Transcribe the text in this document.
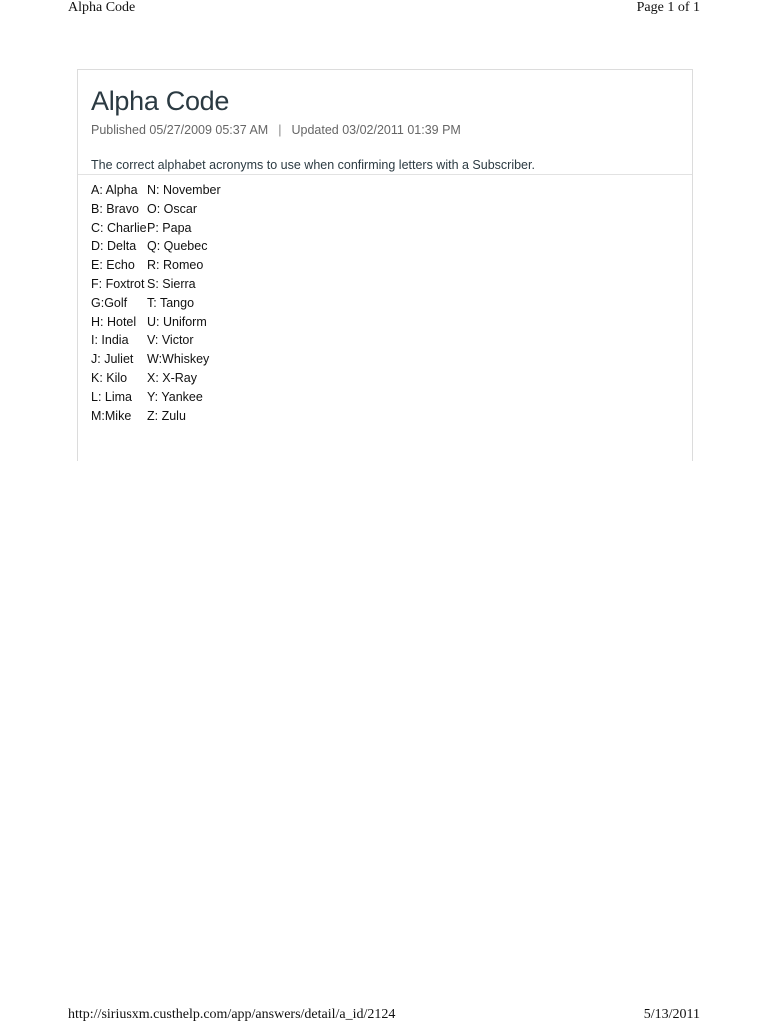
Alpha Code	Page 1 of 1
Alpha Code
Published 05/27/2009 05:37 AM | Updated 03/02/2011 01:39 PM
The correct alphabet acronyms to use when confirming letters with a Subscriber.
A: Alpha	N: November
B: Bravo	O: Oscar
C: Charlie	P: Papa
D: Delta	Q: Quebec
E: Echo	R: Romeo
F: Foxtrot	S: Sierra
G:Golf	T: Tango
H: Hotel	U: Uniform
I: India	V: Victor
J: Juliet	W:Whiskey
K: Kilo	X: X-Ray
L: Lima	Y: Yankee
M:Mike	Z: Zulu
http://siriusxm.custhelp.com/app/answers/detail/a_id/2124	5/13/2011
